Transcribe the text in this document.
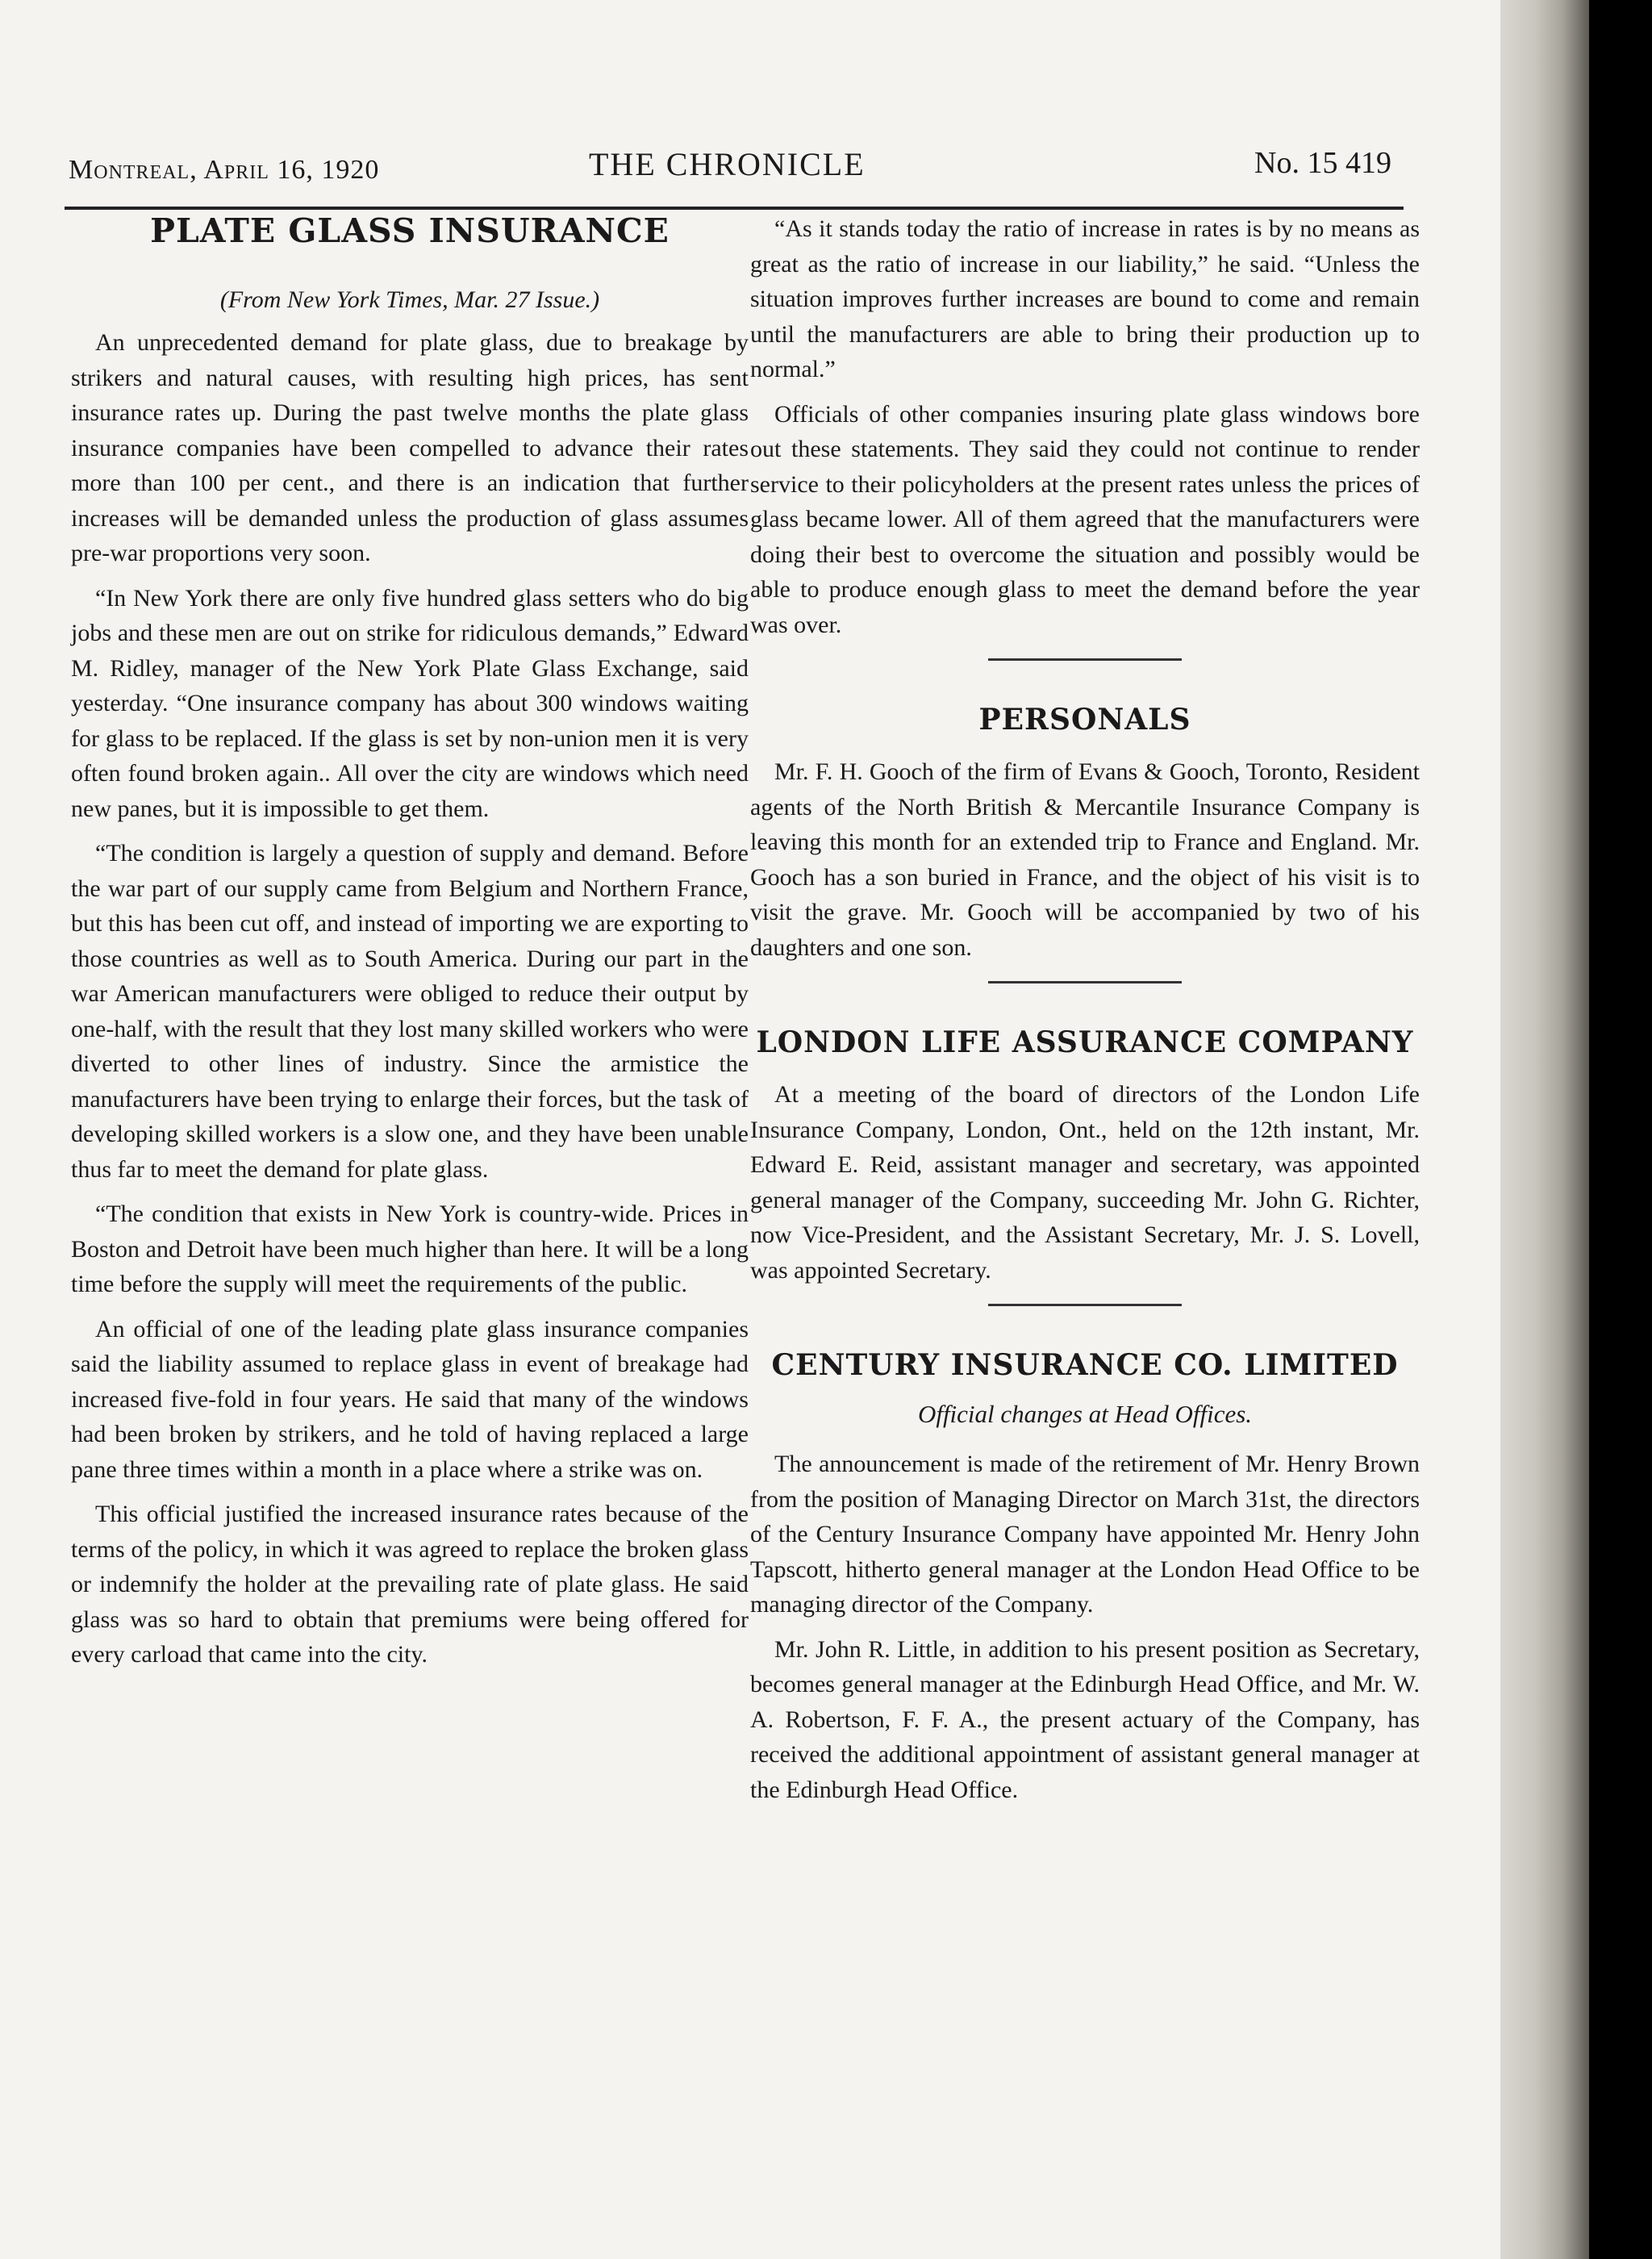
Montreal, April 16, 1920	THE CHRONICLE	No. 15 419
PLATE GLASS INSURANCE
(From New York Times, Mar. 27 Issue.)

An unprecedented demand for plate glass, due to breakage by strikers and natural causes, with resulting high prices, has sent insurance rates up. During the past twelve months the plate glass insurance companies have been compelled to advance their rates more than 100 per cent., and there is an indication that further increases will be demanded unless the production of glass assumes pre-war proportions very soon.

“In New York there are only five hundred glass setters who do big jobs and these men are out on strike for ridiculous demands,” Edward M. Ridley, manager of the New York Plate Glass Exchange, said yesterday. “One insurance company has about 300 windows waiting for glass to be replaced. If the glass is set by non-union men it is very often found broken again.. All over the city are windows which need new panes, but it is impossible to get them.

“The condition is largely a question of supply and demand. Before the war part of our supply came from Belgium and Northern France, but this has been cut off, and instead of importing we are exporting to those countries as well as to South America. During our part in the war American manufacturers were obliged to reduce their output by one-half, with the result that they lost many skilled workers who were diverted to other lines of industry. Since the armistice the manufacturers have been trying to enlarge their forces, but the task of developing skilled workers is a slow one, and they have been unable thus far to meet the demand for plate glass.

“The condition that exists in New York is country-wide. Prices in Boston and Detroit have been much higher than here. It will be a long time before the supply will meet the requirements of the public.

An official of one of the leading plate glass insurance companies said the liability assumed to replace glass in event of breakage had increased five-fold in four years. He said that many of the windows had been broken by strikers, and he told of having replaced a large pane three times within a month in a place where a strike was on.

This official justified the increased insurance rates because of the terms of the policy, in which it was agreed to replace the broken glass or indemnify the holder at the prevailing rate of plate glass. He said glass was so hard to obtain that premiums were being offered for every carload that came into the city.

“As it stands today the ratio of increase in rates is by no means as great as the ratio of increase in our liability,” he said. “Unless the situation improves further increases are bound to come and remain until the manufacturers are able to bring their production up to normal.”

Officials of other companies insuring plate glass windows bore out these statements. They said they could not continue to render service to their policyholders at the present rates unless the prices of glass became lower. All of them agreed that the manufacturers were doing their best to overcome the situation and possibly would be able to produce enough glass to meet the demand before the year was over.

PERSONALS

Mr. F. H. Gooch of the firm of Evans & Gooch, Toronto, Resident agents of the North British & Mercantile Insurance Company is leaving this month for an extended trip to France and England. Mr. Gooch has a son buried in France, and the object of his visit is to visit the grave. Mr. Gooch will be accompanied by two of his daughters and one son.

LONDON LIFE ASSURANCE COMPANY

At a meeting of the board of directors of the London Life Insurance Company, London, Ont., held on the 12th instant, Mr. Edward E. Reid, assistant manager and secretary, was appointed general manager of the Company, succeeding Mr. John G. Richter, now Vice-President, and the Assistant Secretary, Mr. J. S. Lovell, was appointed Secretary.

CENTURY INSURANCE CO. LIMITED
Official changes at Head Offices.

The announcement is made of the retirement of Mr. Henry Brown from the position of Managing Director on March 31st, the directors of the Century Insurance Company have appointed Mr. Henry John Tapscott, hitherto general manager at the London Head Office to be managing director of the Company.

Mr. John R. Little, in addition to his present position as Secretary, becomes general manager at the Edinburgh Head Office, and Mr. W. A. Robertson, F. F. A., the present actuary of the Company, has received the additional appointment of assistant general manager at the Edinburgh Head Office.
